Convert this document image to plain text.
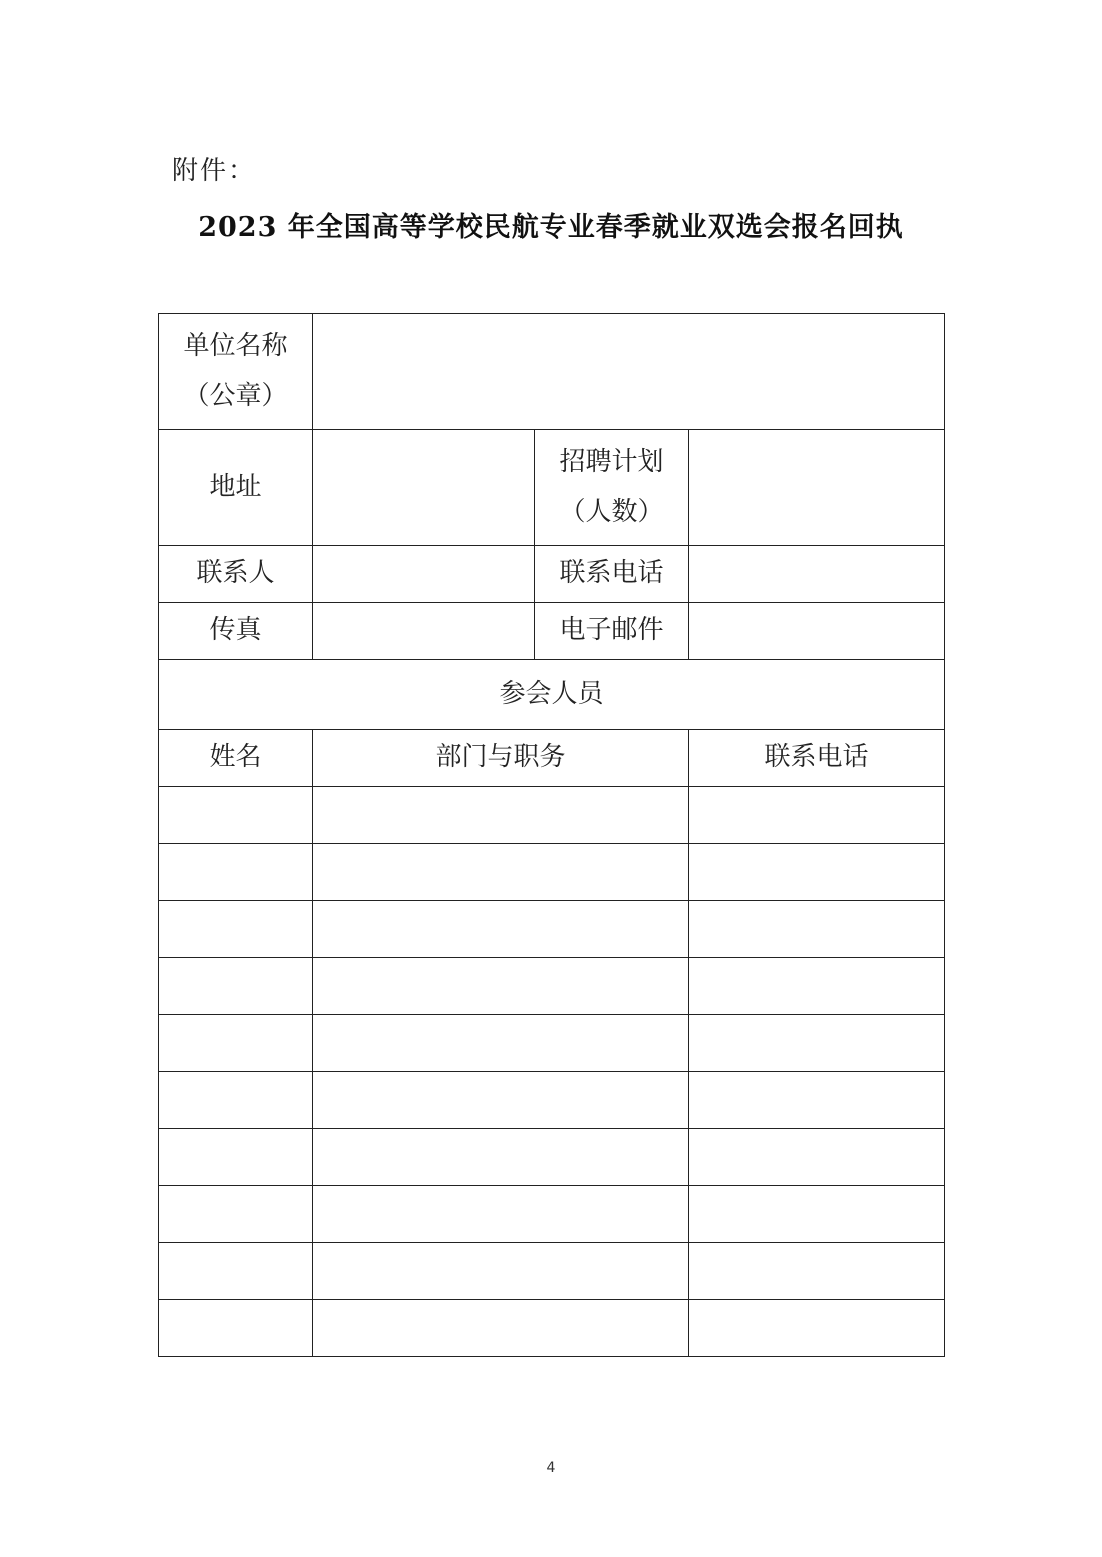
附件：
2023 年全国高等学校民航专业春季就业双选会报名回执
单位名称
（公章）			

地址		招聘计划
（人数）	

联系人		联系电话	
传真		电子邮件	
参会人员			
姓名	部门与职务		联系电话

4
